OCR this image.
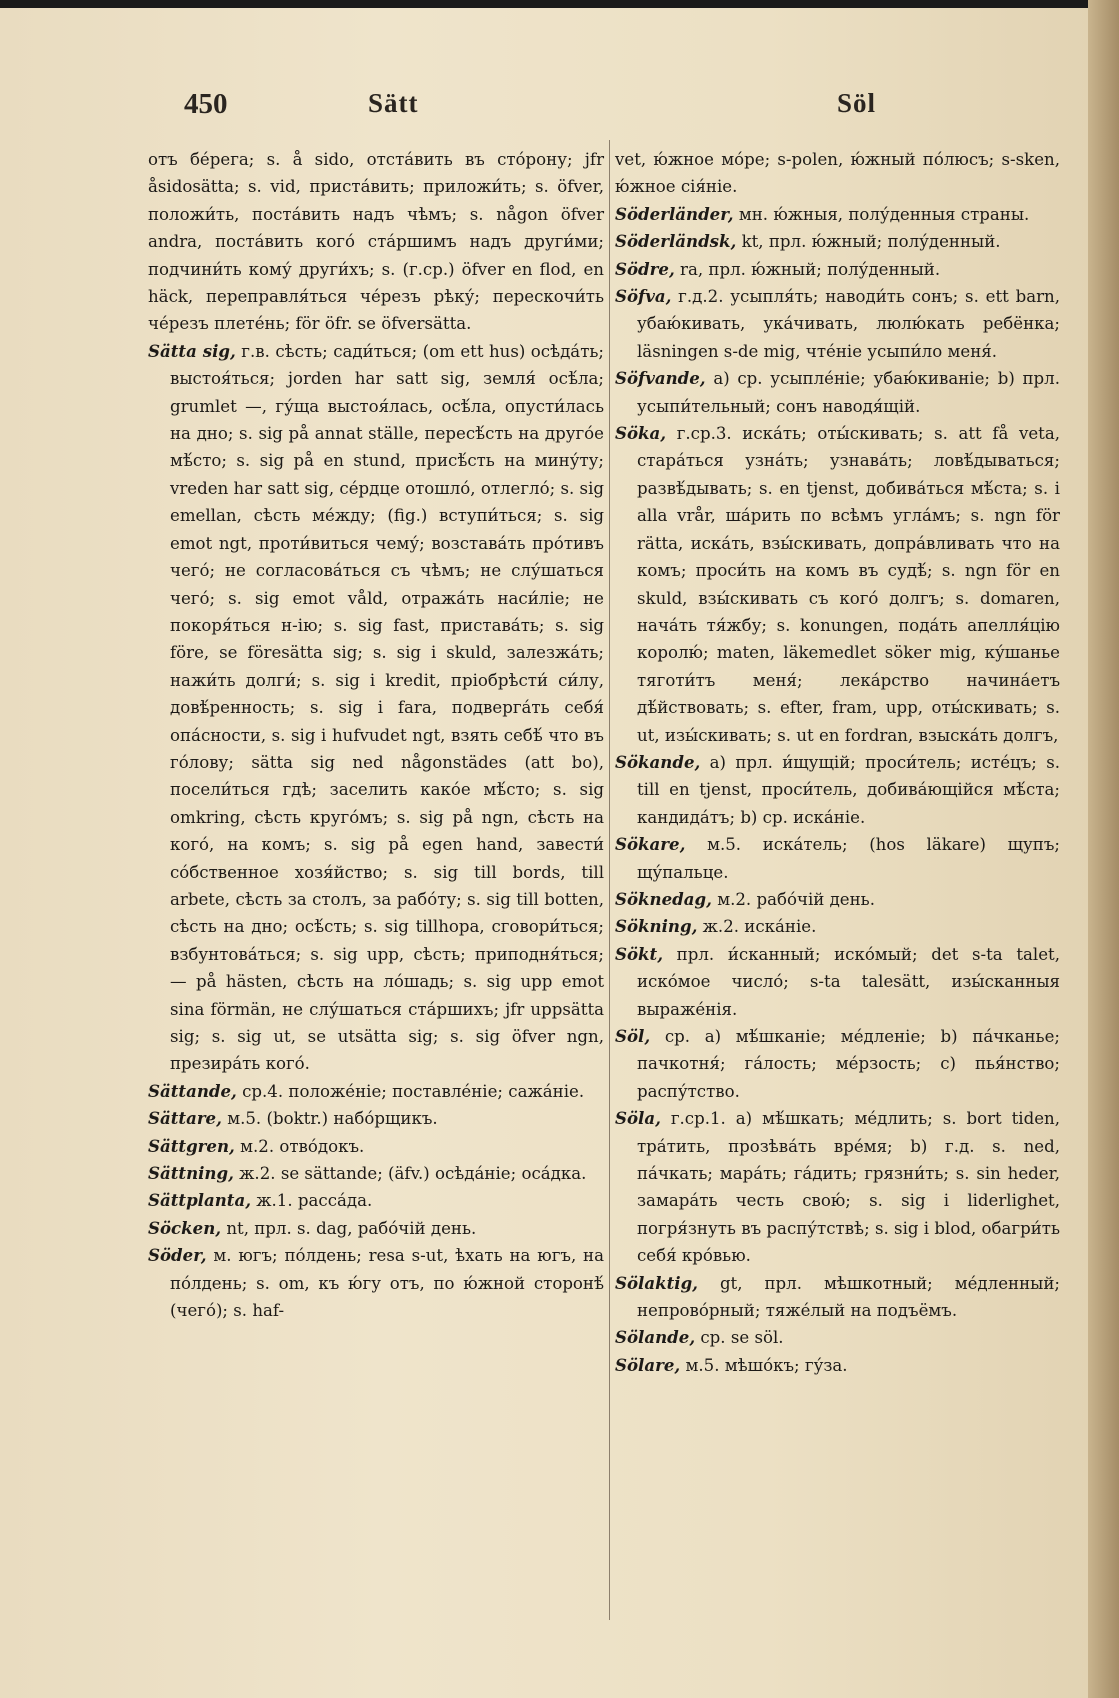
450	Sätt	Söl
отъ бе́рега; s. å sido, отста́вить въ сто́рону; jfr åsidosätta; s. vid, приста́вить; приложи́ть; s. öfver, положи́ть, поста́вить надъ чѣмъ; s. någon öfver andra, поста́вить кого́ ста́ршимъ надъ други́ми; подчини́ть кому́ други́хъ; s. (г.ср.) öfver en flod, en häck, переправля́ться че́резъ рѣку́; перескочи́ть че́резъ плете́нь; för öfr. se öfversätta.
Sätta sig, г.в. сѣсть; сади́ться; (om ett hus) осѣда́ть; выстоя́ться; jorden har satt sig, земля́ осѣ́ла; grumlet —, гу́ща выстоя́лась, осѣ́ла, опусти́лась на дно; s. sig på annat ställe, пересѣ́сть на друго́е мѣ́сто; s. sig på en stund, присѣ́сть на мину́ту; vreden har satt sig, се́рдце отошло́, отлегло́; s. sig emellan, сѣсть ме́жду; (fig.) вступи́ться; s. sig emot ngt, проти́виться чему́; возстава́ть про́тивъ чего́; не согласова́ться съ чѣмъ; не слу́шаться чего́; s. sig emot våld, отража́ть наси́ліе; не покоря́ться н-ію; s. sig fast, пристава́ть; s. sig före, se föresätta sig; s. sig i skuld, залезжа́ть; нажи́ть долги́; s. sig i kredit, пріобрѣсти́ си́лу, довѣ́ренность; s. sig i fara, подверга́ть себя́ опа́сности, s. sig i hufvudet ngt, взять себѣ́ что въ го́лову; sätta sig ned någonstädes (att bo), посели́ться гдѣ; заселить како́е мѣ́сто; s. sig omkring, сѣсть круго́мъ; s. sig på ngn, сѣсть на кого́, на комъ; s. sig på egen hand, завести́ со́бственное хозя́йство; s. sig till bords, till arbete, сѣсть за столъ, за рабо́ту; s. sig till botten, сѣсть на дно; осѣ́сть; s. sig tillhopa, сговори́ться; взбунтова́ться; s. sig upp, сѣсть; приподня́ться; — på hästen, сѣсть на ло́шадь; s. sig upp emot sina förmän, не слу́шаться ста́ршихъ; jfr uppsätta sig; s. sig ut, se utsätta sig; s. sig öfver ngn, презира́ть кого́.
Sättande, ср.4. положе́ніе; поставле́ніе; сажа́ніе.
Sättare, м.5. (boktr.) набо́рщикъ.
Sättgren, м.2. отво́докъ.
Sättning, ж.2. se sättande; (äfv.) осѣда́ніе; оса́дка.
Sättplanta, ж.1. расса́да.
Söcken, nt, прл. s. dag, рабо́чій день.
Söder, м. югъ; по́лдень; resa s-ut, ѣхать на югъ, на по́лдень; s. om, къ ю́гу отъ, по ю́жной сторонѣ́ (чего́); s. haf-
vet, ю́жное мо́ре; s-polen, ю́жный по́люсъ; s-sken, ю́жное сія́ніе.
Söderländer, мн. ю́жныя, полу́денныя страны.
Söderländsk, kt, прл. ю́жный; полу́денный.
Södre, ra, прл. ю́жный; полу́денный.
Söfva, г.д.2. усыпля́ть; наводи́ть сонъ; s. ett barn, убаю́кивать, ука́чивать, люлю́кать ребёнка; läsningen s-de mig, чте́ніе усыпи́ло меня́.
Söfvande, а) ср. усыпле́ніе; убаю́киваніе; b) прл. усыпи́тельный; сонъ наводя́щій.
Söka, г.ср.3. иска́ть; оты́скивать; s. att få veta, стара́ться узна́ть; узнава́ть; ловѣ́дываться; развѣ́дывать; s. en tjenst, добива́ться мѣ́ста; s. i alla vrår, ша́рить по всѣмъ угла́мъ; s. ngn för rätta, иска́ть, взы́скивать, допра́вливать что на комъ; проси́ть на комъ въ судѣ́; s. ngn för en skuld, взы́скивать съ кого́ долгъ; s. domaren, нача́ть тя́жбу; s. konungen, пода́ть апелля́цію королю́; maten, läkemedlet söker mig, ку́шанье тяготи́тъ меня́; лека́рство начина́етъ дѣ́йствовать; s. efter, fram, upp, оты́скивать; s. ut, изы́скивать; s. ut en fordran, взыска́ть долгъ,
Sökande, а) прл. и́щущій; проси́тель; исте́цъ; s. till en tjenst, проси́тель, добива́ющійся мѣ́ста; кандида́тъ; b) ср. иска́ніе.
Sökare, м.5. иска́тель; (hos läkare) щупъ; щу́пальце.
Söknedag, м.2. рабо́чій день.
Sökning, ж.2. иска́ніе.
Sökt, прл. и́сканный; иско́мый; det s-ta talet, иско́мое число́; s-ta talesätt, изы́сканныя выраже́нія.
Söl, ср. а) мѣ́шканіе; ме́дленіе; b) па́чканье; пачкотня́; га́лость; ме́рзость; с) пья́нство; распу́тство.
Söla, г.ср.1. а) мѣ́шкать; ме́длить; s. bort tiden, тра́тить, прозѣва́ть вре́мя; b) г.д. s. ned, па́чкать; мара́ть; га́дить; грязни́ть; s. sin heder, замара́ть честь свою́; s. sig i liderlighet, погря́знуть въ распу́тствѣ; s. sig i blod, обагри́ть себя́ кро́вью.
Sölaktig, gt, прл. мѣшкотный; ме́дленный; непрово́рный; тяже́лый на подъёмъ.
Sölande, ср. se söl.
Sölare, м.5. мѣшо́къ; гу́за.
